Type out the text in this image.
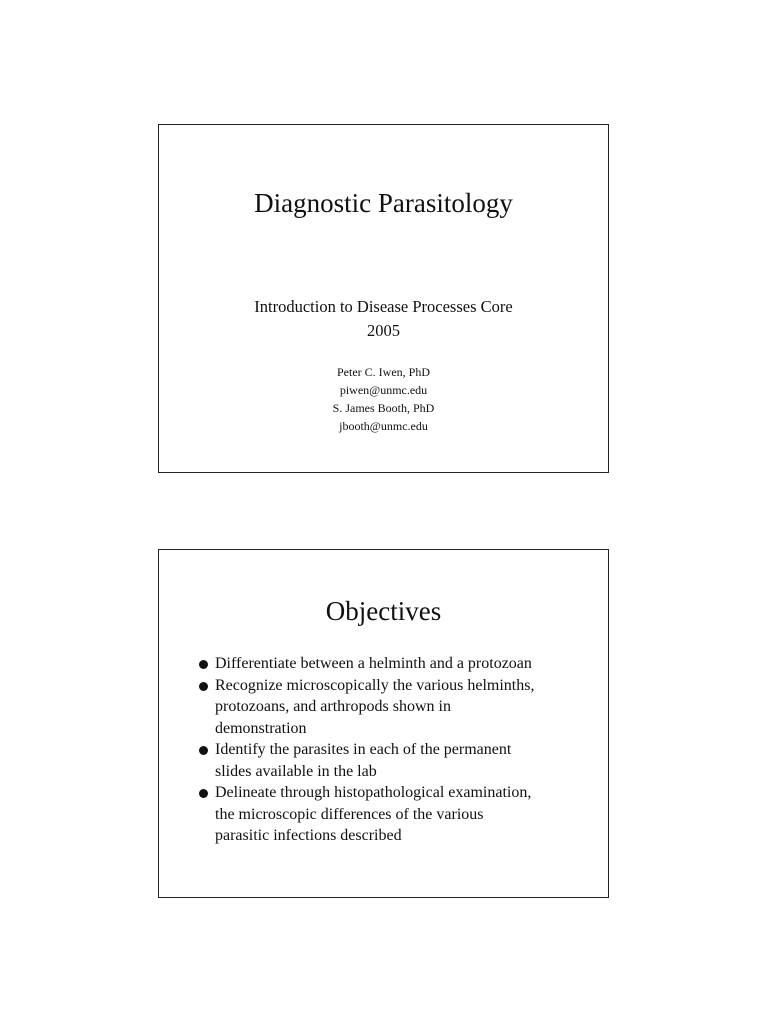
Diagnostic Parasitology
Introduction to Disease Processes Core
2005
Peter C. Iwen, PhD
piwen@unmc.edu
S. James Booth, PhD
jbooth@unmc.edu
Objectives
Differentiate between a helminth and a protozoan
Recognize microscopically the various helminths,
protozoans, and arthropods shown in
demonstration
Identify the parasites in each of the permanent
slides available in the lab
Delineate through histopathological examination,
the microscopic differences of the various
parasitic infections described
